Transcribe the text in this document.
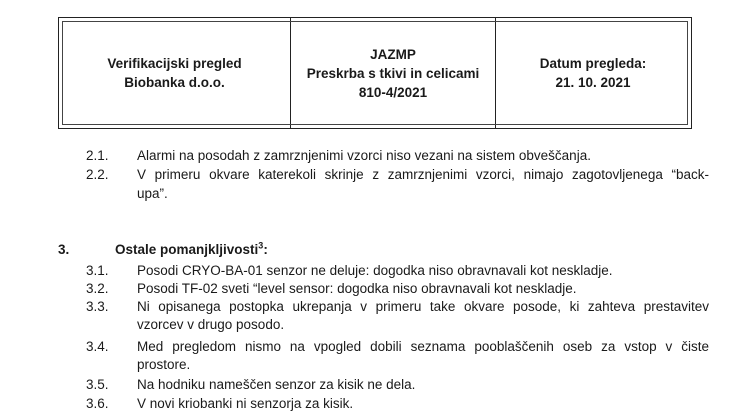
Verifikacijski pregled
Biobanka d.o.o.
JAZMP
Preskrba s tkivi in celicami
810-4/2021
Datum pregleda:
21. 10. 2021
2.1. Alarmi na posodah z zamrznjenimi vzorci niso vezani na sistem obveščanja.
2.2. V primeru okvare katerekoli skrinje z zamrznjenimi vzorci, nimajo zagotovljenega “back-
upa”.
3.	Ostale pomanjkljivosti$^3$:
3.1. Posodi CRYO-BA-01 senzor ne deluje: dogodka niso obravnavali kot neskladje.
3.2. Posodi TF-02 sveti “level sensor: dogodka niso obravnavali kot neskladje.
3.3. Ni opisanega postopka ukrepanja v primeru take okvare posode, ki zahteva prestavitev
vzorcev v drugo posodo.
3.4. Med pregledom nismo na vpogled dobili seznama pooblaščenih oseb za vstop v čiste
prostore.
3.5. Na hodniku nameščen senzor za kisik ne dela.
3.6. V novi kriobanki ni senzorja za kisik.
